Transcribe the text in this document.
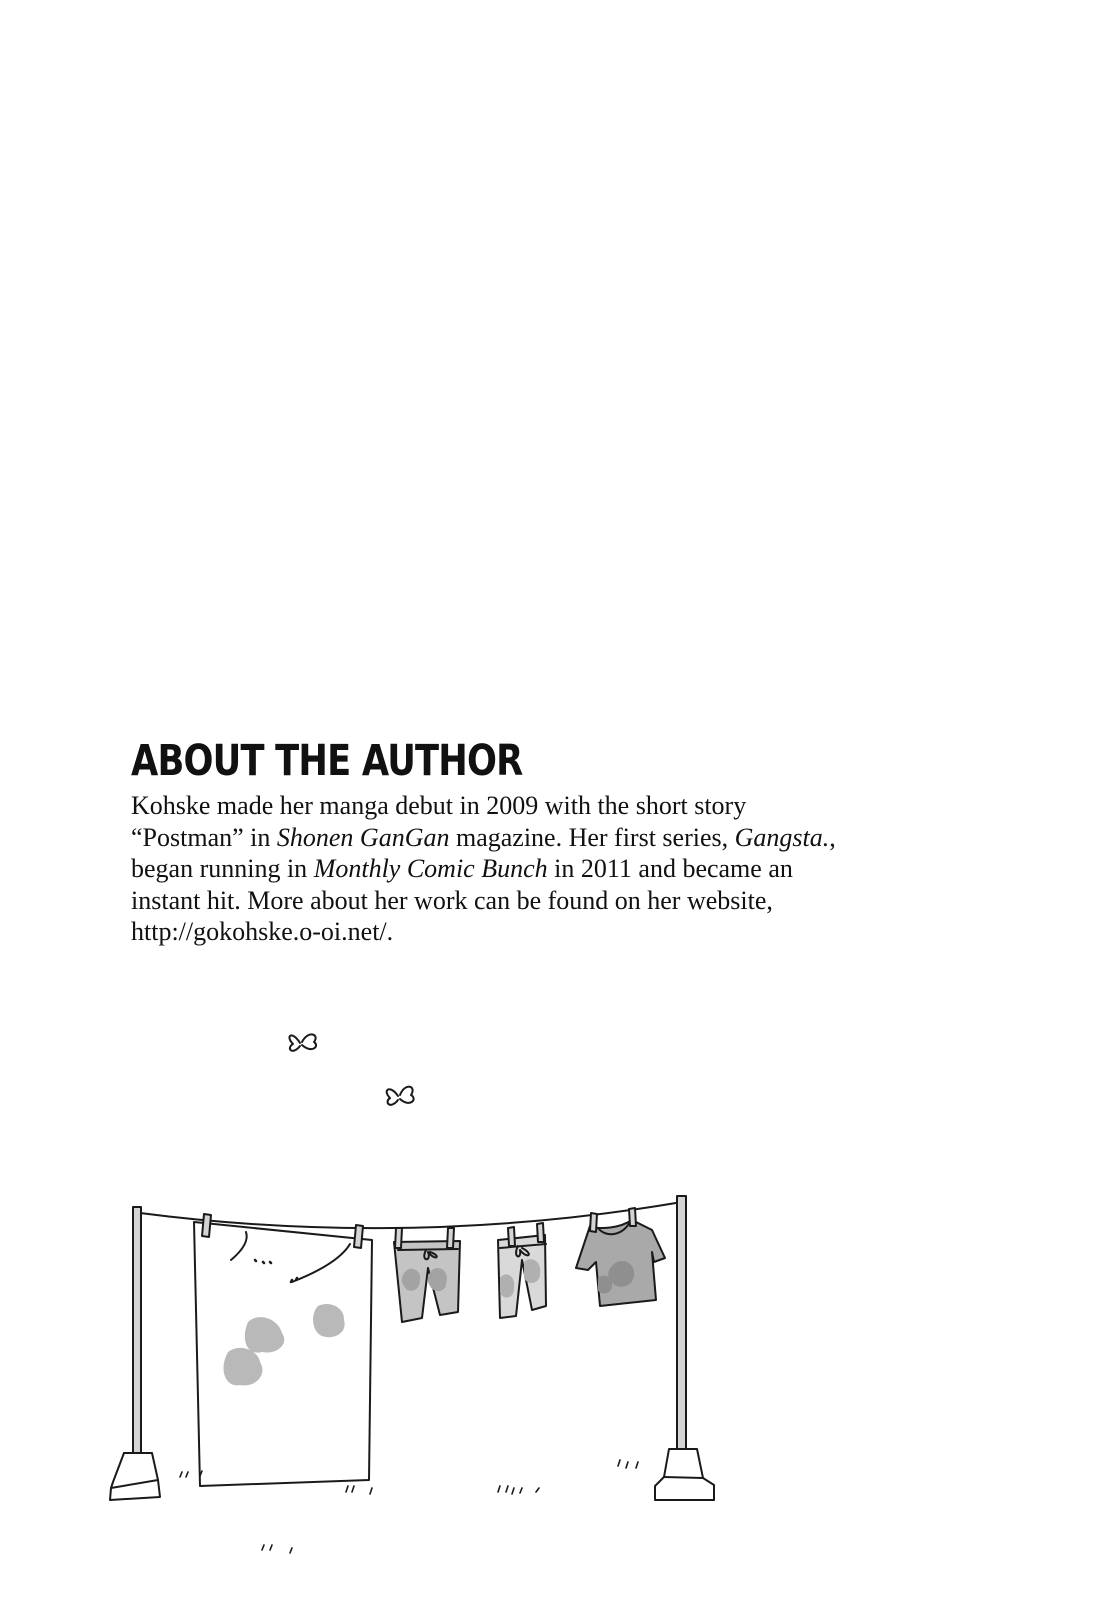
ABOUT THE AUTHOR

Kohske made her manga debut in 2009 with the short story

“Postman” in Shonen GanGan magazine. Her first series, Gangsta.,

began running in Monthly Comic Bunch in 2011 and became an

instant hit. More about her work can be found on her website,

http://gokohske.o-oi.net/.
